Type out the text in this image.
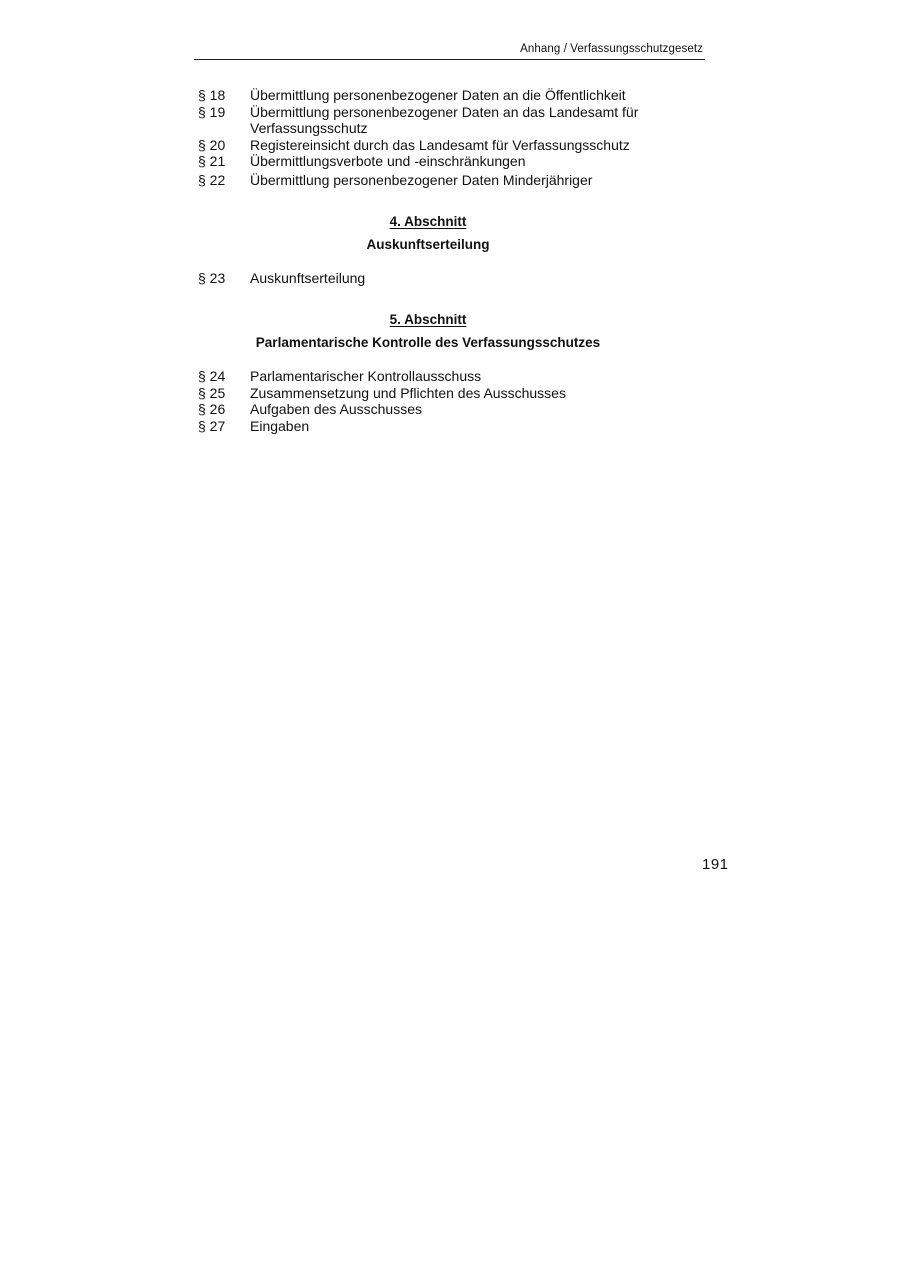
Anhang / Verfassungsschutzgesetz
§ 18	Übermittlung personenbezogener Daten an die Öffentlichkeit
§ 19	Übermittlung personenbezogener Daten an das Landesamt für Verfassungsschutz
§ 20	Registereinsicht durch das Landesamt für Verfassungsschutz
§ 21	Übermittlungsverbote und -einschränkungen
§ 22	Übermittlung personenbezogener Daten Minderjähriger
4. Abschnitt
Auskunftserteilung
§ 23	Auskunftserteilung
5. Abschnitt
Parlamentarische Kontrolle des Verfassungsschutzes
§ 24	Parlamentarischer Kontrollausschuss
§ 25	Zusammensetzung und Pflichten des Ausschusses
§ 26	Aufgaben des Ausschusses
§ 27	Eingaben
191
